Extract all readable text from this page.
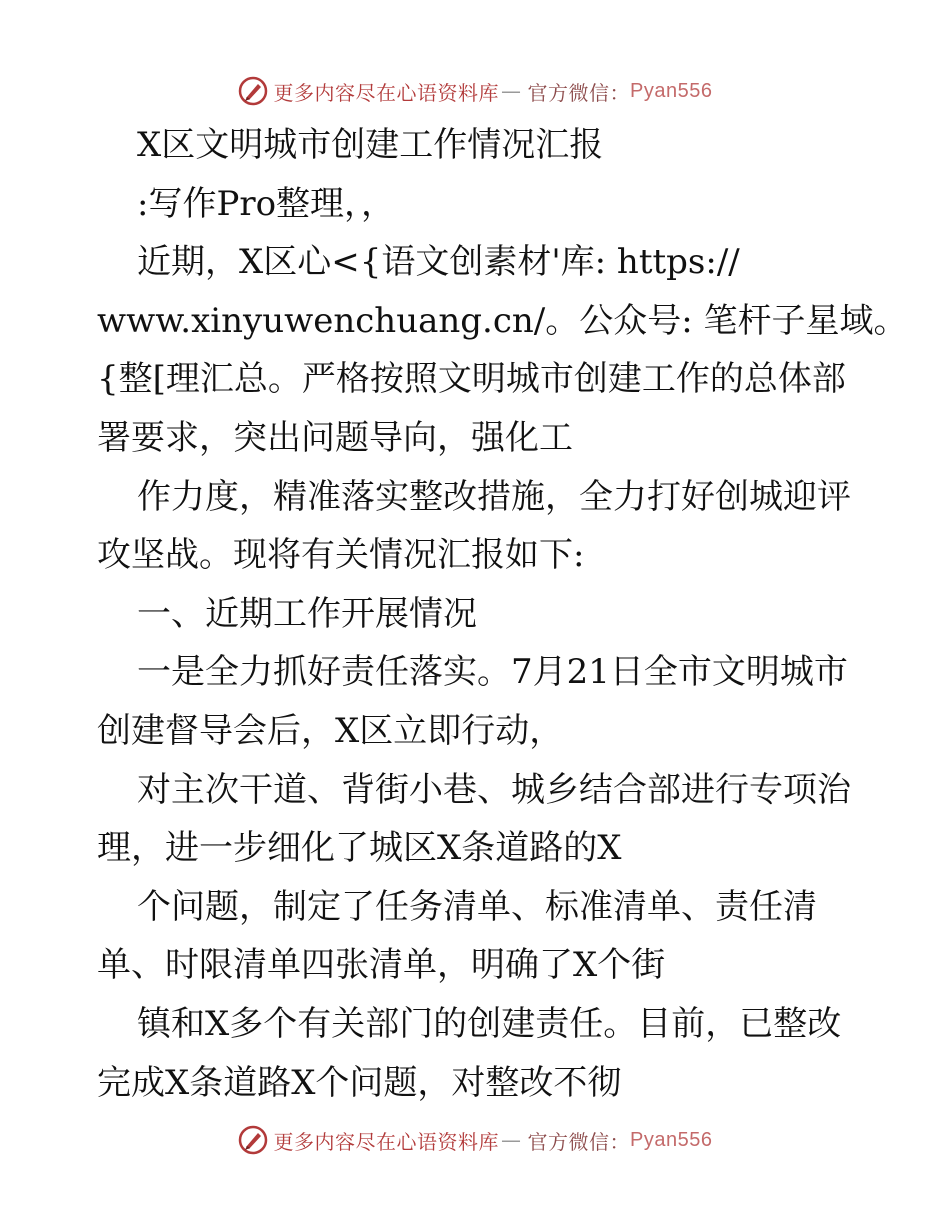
更多内容尽在心语资料库 — 官方微信： Pyan556
X区文明城市创建工作情况汇报
:写作Pro整理，，
近期，X区心<{语文创素材'库: https://
www.xinyuwenchuang.cn/。公众号: 笔杆子星域。
{整[理汇总。严格按照文明城市创建工作的总体部
署要求，突出问题导向，强化工
作力度，精准落实整改措施，全力打好创城迎评
攻坚战。现将有关情况汇报如下:
一、近期工作开展情况
一是全力抓好责任落实。7月21日全市文明城市
创建督导会后，X区立即行动，
对主次干道、背街小巷、城乡结合部进行专项治
理，进一步细化了城区X条道路的X
个问题，制定了任务清单、标准清单、责任清
单、时限清单四张清单，明确了X个街
镇和X多个有关部门的创建责任。目前，已整改
完成X条道路X个问题，对整改不彻
更多内容尽在心语资料库 — 官方微信： Pyan556
